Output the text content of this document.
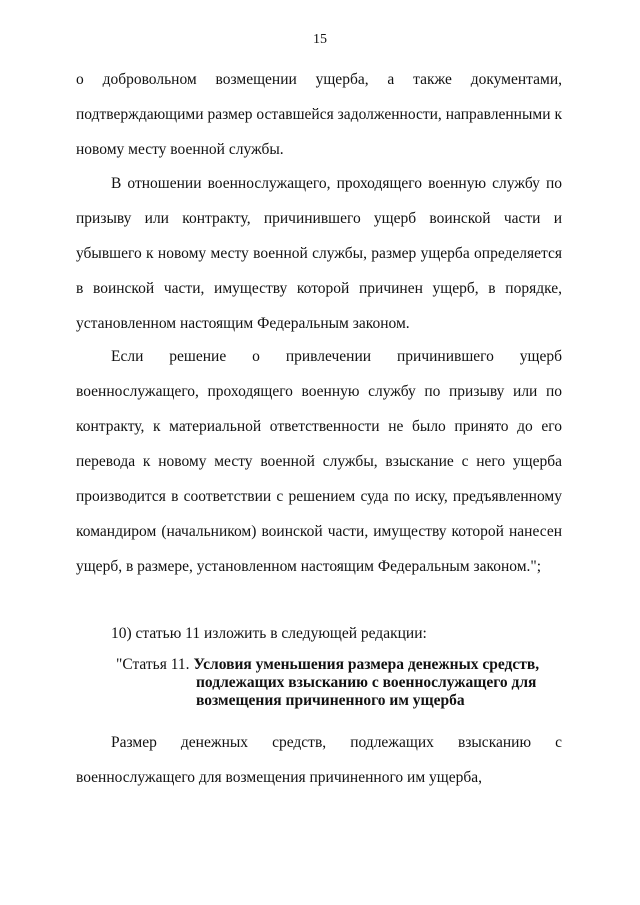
15
о добровольном возмещении ущерба, а также документами, подтверждающими размер оставшейся задолженности, направленными к новому месту военной службы.
В отношении военнослужащего, проходящего военную службу по призыву или контракту, причинившего ущерб воинской части и убывшего к новому месту военной службы, размер ущерба определяется в воинской части, имуществу которой причинен ущерб, в порядке, установленном настоящим Федеральным законом.
Если решение о привлечении причинившего ущерб военнослужащего, проходящего военную службу по призыву или по контракту, к материальной ответственности не было принято до его перевода к новому месту военной службы, взыскание с него ущерба производится в соответствии с решением суда по иску, предъявленному командиром (начальником) воинской части, имуществу которой нанесен ущерб, в размере, установленном настоящим Федеральным законом.";
10) статью 11 изложить в следующей редакции:
"Статья 11. Условия уменьшения размера денежных средств,
подлежащих взысканию с военнослужащего для
возмещения причиненного им ущерба
Размер денежных средств, подлежащих взысканию с военнослужащего для возмещения причиненного им ущерба,
